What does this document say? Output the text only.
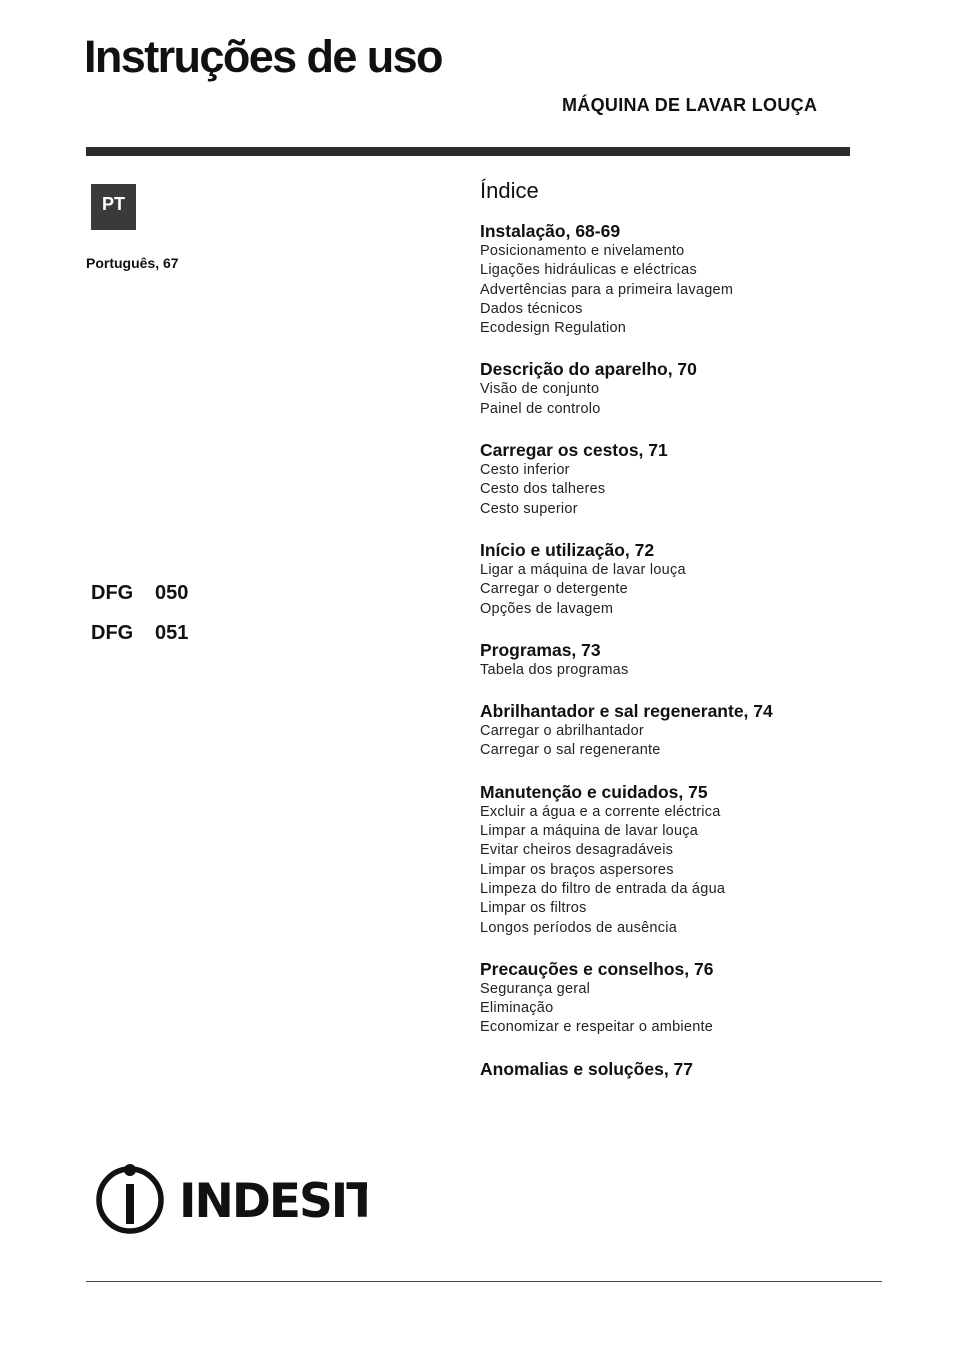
Instruções de uso
MÁQUINA DE LAVAR LOUÇA
PT
Português, 67
DFG 050
DFG 051
Índice
Instalação, 68-69
Posicionamento e nivelamento
Ligações hidráulicas e eléctricas
Advertências para a primeira lavagem
Dados técnicos
Ecodesign Regulation
Descrição do aparelho, 70
Visão de conjunto
Painel de controlo
Carregar os cestos, 71
Cesto inferior
Cesto dos talheres
Cesto superior
Início e utilização, 72
Ligar a máquina de lavar louça
Carregar o detergente
Opções de lavagem
Programas, 73
Tabela dos programas
Abrilhantador e sal regenerante, 74
Carregar o abrilhantador
Carregar o sal regenerante
Manutenção e cuidados, 75
Excluir a água e a corrente eléctrica
Limpar a máquina de lavar louça
Evitar cheiros desagradáveis
Limpar os braços aspersores
Limpeza do filtro de entrada da água
Limpar os filtros
Longos períodos de ausência
Precauções e conselhos, 76
Segurança geral
Eliminação
Economizar e respeitar o ambiente
Anomalias e soluções, 77
INDESIT
